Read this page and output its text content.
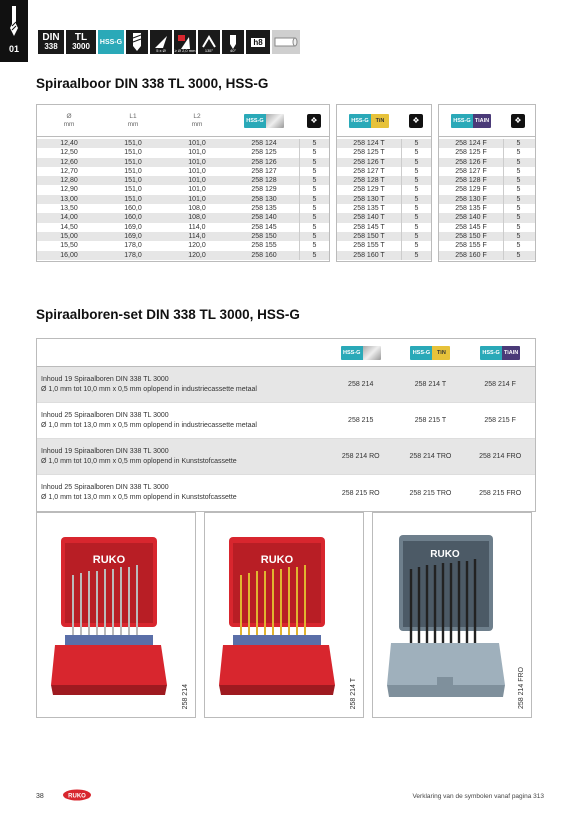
01
DIN
338
TL
3000 HSS-G
5 x Ø	≥ Ø 2,0 mm	135°	40°
h8
Spiraalboor DIN 338 TL 3000, HSS-G
Ø
mm
L1
mm
L2
mm	HSS-G	❖
12,40	151,0	101,0	258 124	5
12,50	151,0	101,0	258 125	5
12,60	151,0	101,0	258 126	5
12,70	151,0	101,0	258 127	5
12,80	151,0	101,0	258 128	5
12,90	151,0	101,0	258 129	5
13,00	151,0	101,0	258 130	5
13,50	160,0	108,0	258 135	5
14,00	160,0	108,0	258 140	5
14,50	169,0	114,0	258 145	5
15,00	169,0	114,0	258 150	5
15,50	178,0	120,0	258 155	5
16,00	178,0	120,0	258 160	5
HSS-G	TiN	❖
258 124 T	5
258 125 T	5
258 126 T	5
258 127 T	5
258 128 T	5
258 129 T	5
258 130 T	5
258 135 T	5
258 140 T	5
258 145 T	5
258 150 T	5
258 155 T	5
258 160 T	5
HSS-G TiAlN	❖
258 124 F	5
258 125 F	5
258 126 F	5
258 127 F	5
258 128 F	5
258 129 F	5
258 130 F	5
258 135 F	5
258 140 F	5
258 145 F	5
258 150 F	5
258 155 F	5
258 160 F	5
Spiraalboren-set DIN 338 TL 3000, HSS-G
HSS-G	HSS-G	TiN	HSS-G TiAlN
Inhoud 19 Spiraalboren DIN 338 TL 3000
Ø 1,0 mm tot 10,0 mm x 0,5 mm oplopend in industriecassette metaal
258 214	258 214 T	258 214 F
Inhoud 25 Spiraalboren DIN 338 TL 3000
Ø 1,0 mm tot 13,0 mm x 0,5 mm oplopend in industriecassette metaal
258 215	258 215 T	258 215 F
Inhoud 19 Spiraalboren DIN 338 TL 3000
Ø 1,0 mm tot 10,0 mm x 0,5 mm oplopend in Kunststofcassette
258 214 RO	258 214 TRO	258 214 FRO
Inhoud 25 Spiraalboren DIN 338 TL 3000
Ø 1,0 mm tot 13,0 mm x 0,5 mm oplopend in Kunststofcassette
258 215 RO	258 215 TRO	258 215 FRO
RUKO
258 214
RUKO
258 214 T
RUKO
258 214 FRO
38	RUKO	Verklaring van de symbolen vanaf pagina 313
